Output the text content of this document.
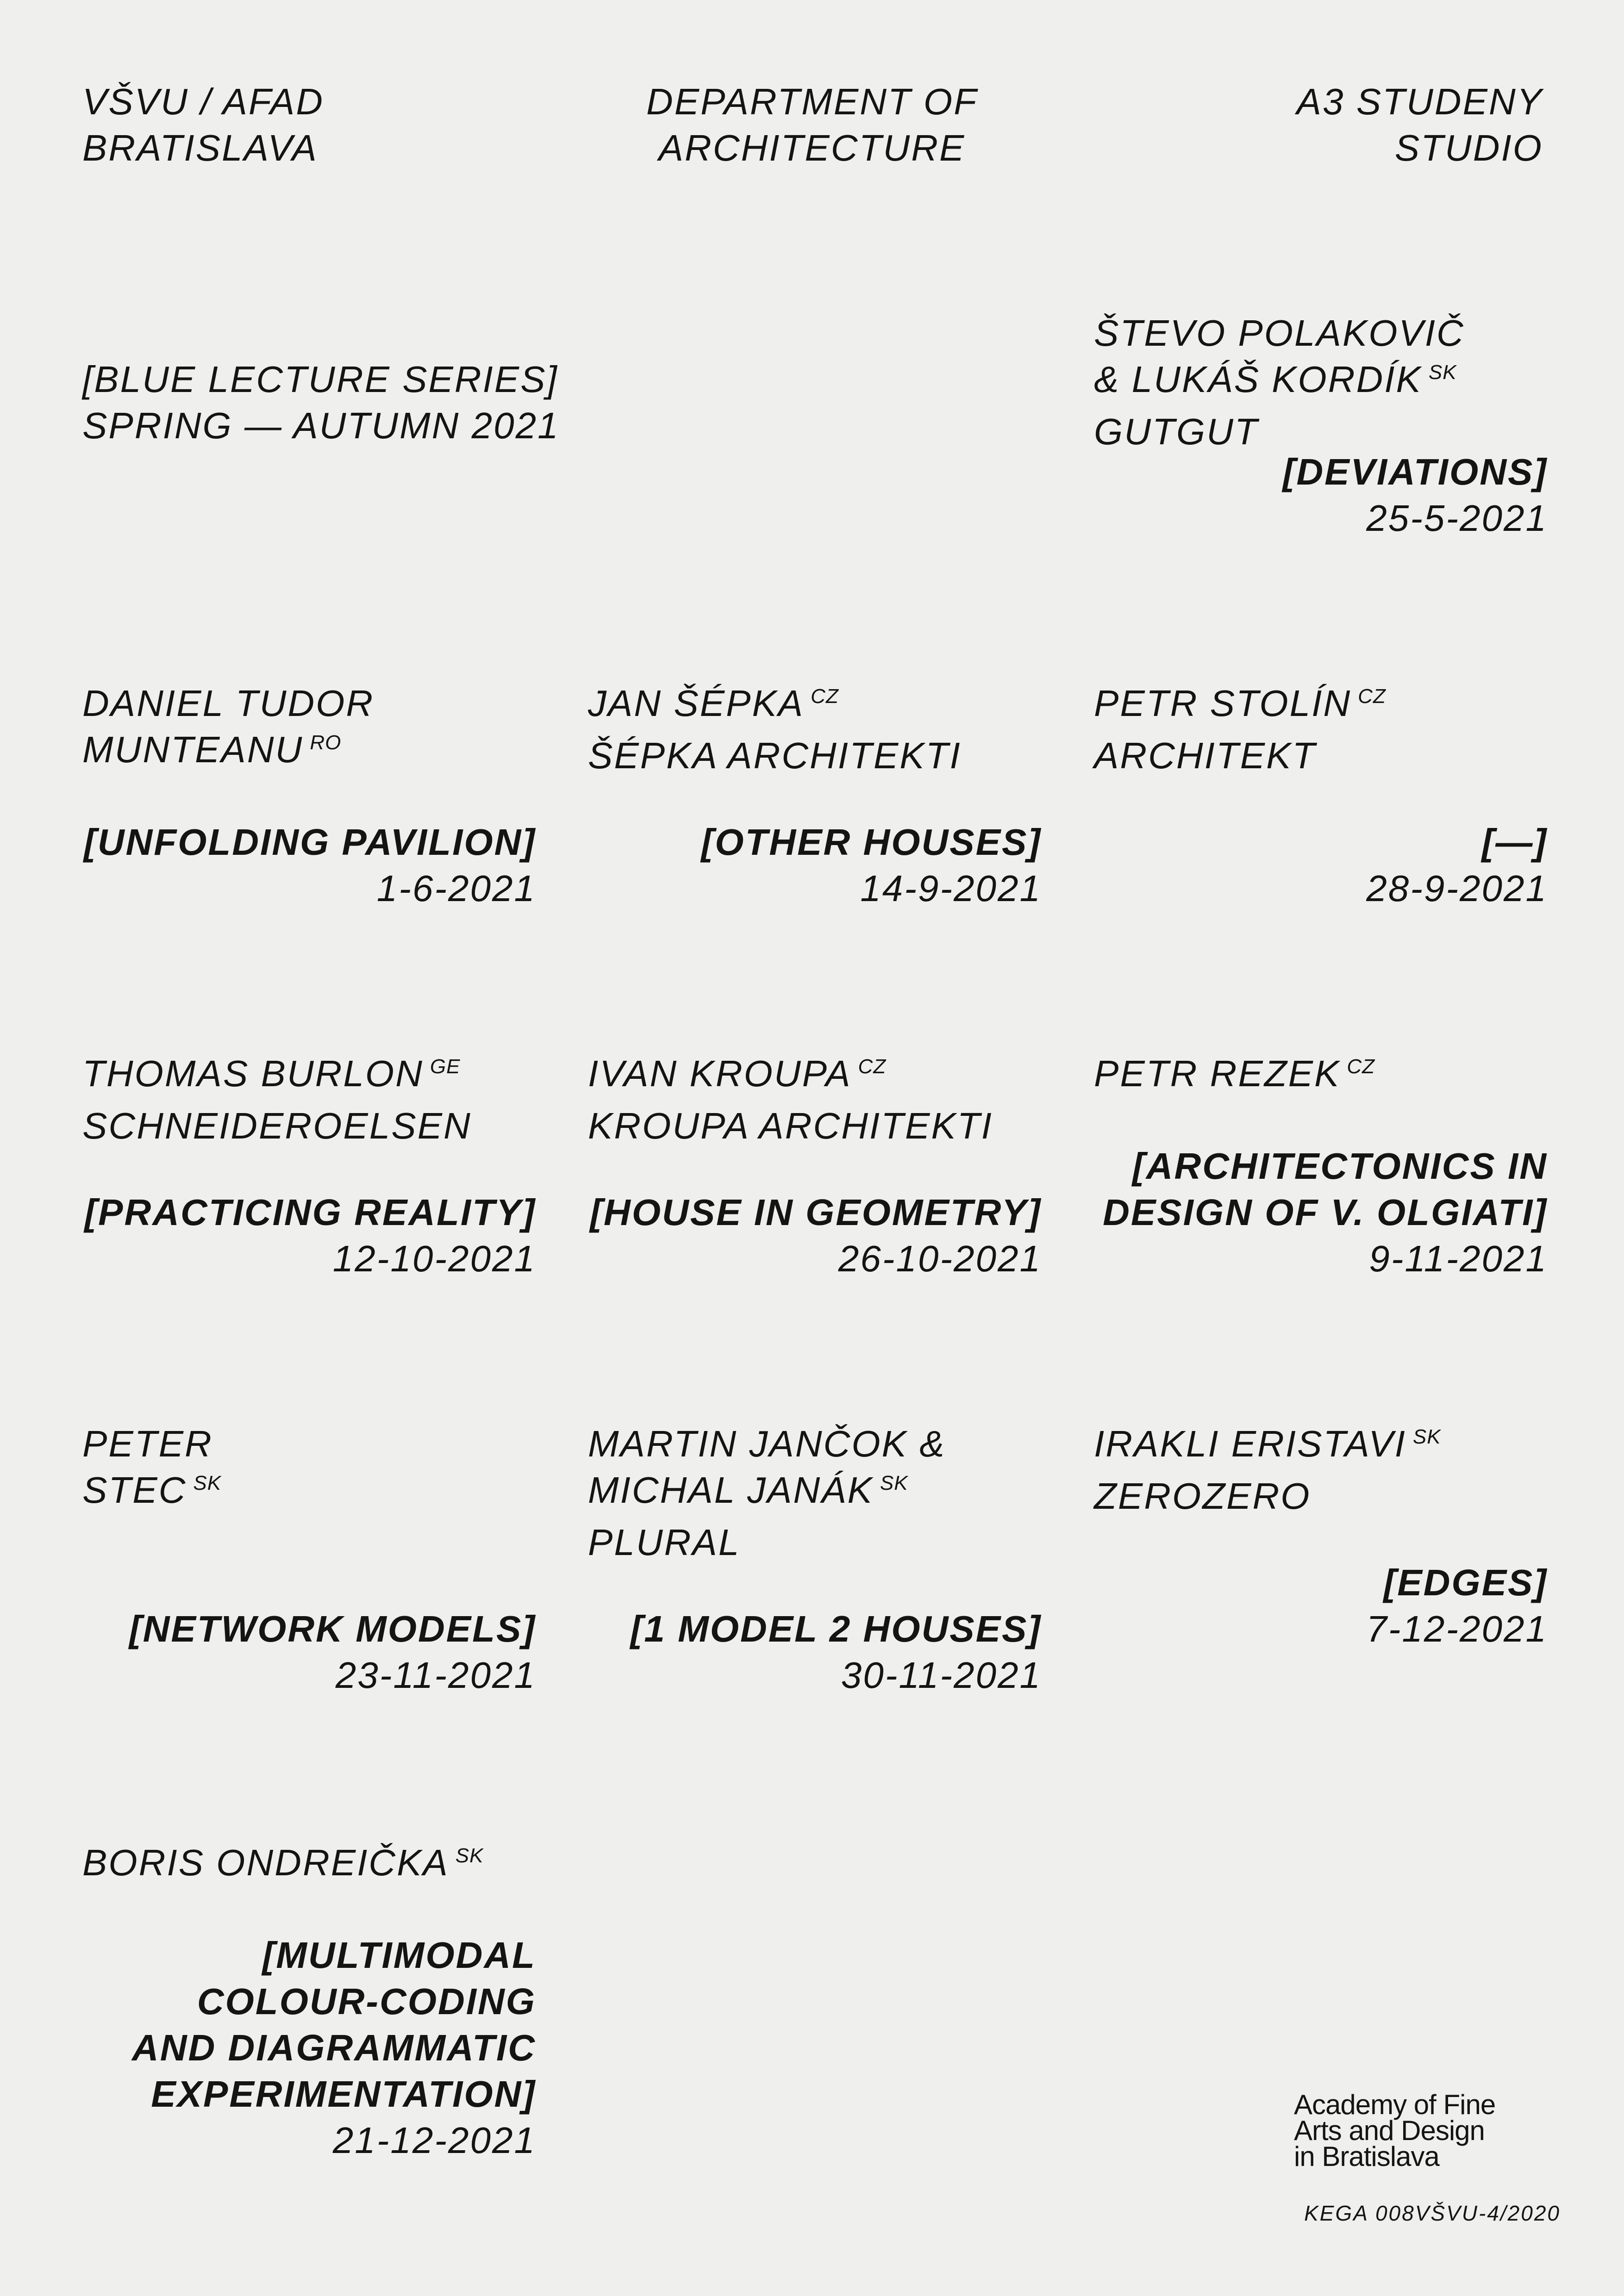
VŠVU / AFAD
BRATISLAVA
DEPARTMENT OF
ARCHITECTURE
A3 STUDENY
STUDIO
[BLUE LECTURE SERIES]
SPRING — AUTUMN 2021
ŠTEVO POLAKOVIČ
& LUKÁŠ KORDÍK $^{SK}$
GUTGUT
[DEVIATIONS]
25-5-2021
DANIEL TUDOR
MUNTEANU $^{RO}$
[UNFOLDING PAVILION]
1-6-2021
JAN ŠÉPKA $^{CZ}$
ŠÉPKA ARCHITEKTI
[OTHER HOUSES]
14-9-2021
PETR STOLÍN $^{CZ}$
ARCHITEKT
[—]
28-9-2021
THOMAS BURLON $^{GE}$
SCHNEIDEROELSEN
[PRACTICING REALITY]
12-10-2021
IVAN KROUPA $^{CZ}$
KROUPA ARCHITEKTI
[HOUSE IN GEOMETRY]
26-10-2021
PETR REZEK $^{CZ}$
[ARCHITECTONICS IN
DESIGN OF V. OLGIATI]
9-11-2021
PETER
STEC $^{SK}$
[NETWORK MODELS]
23-11-2021
MARTIN JANČOK &
MICHAL JANÁK $^{SK}$
PLURAL
[1 MODEL 2 HOUSES]
30-11-2021
IRAKLI ERISTAVI $^{SK}$
ZEROZERO
[EDGES]
7-12-2021
BORIS ONDREIČKA $^{SK}$
[MULTIMODAL
COLOUR-CODING
AND DIAGRAMMATIC
EXPERIMENTATION]
21-12-2021
Academy of Fine
Arts and Design
in Bratislava
KEGA 008VŠVU-4/2020
